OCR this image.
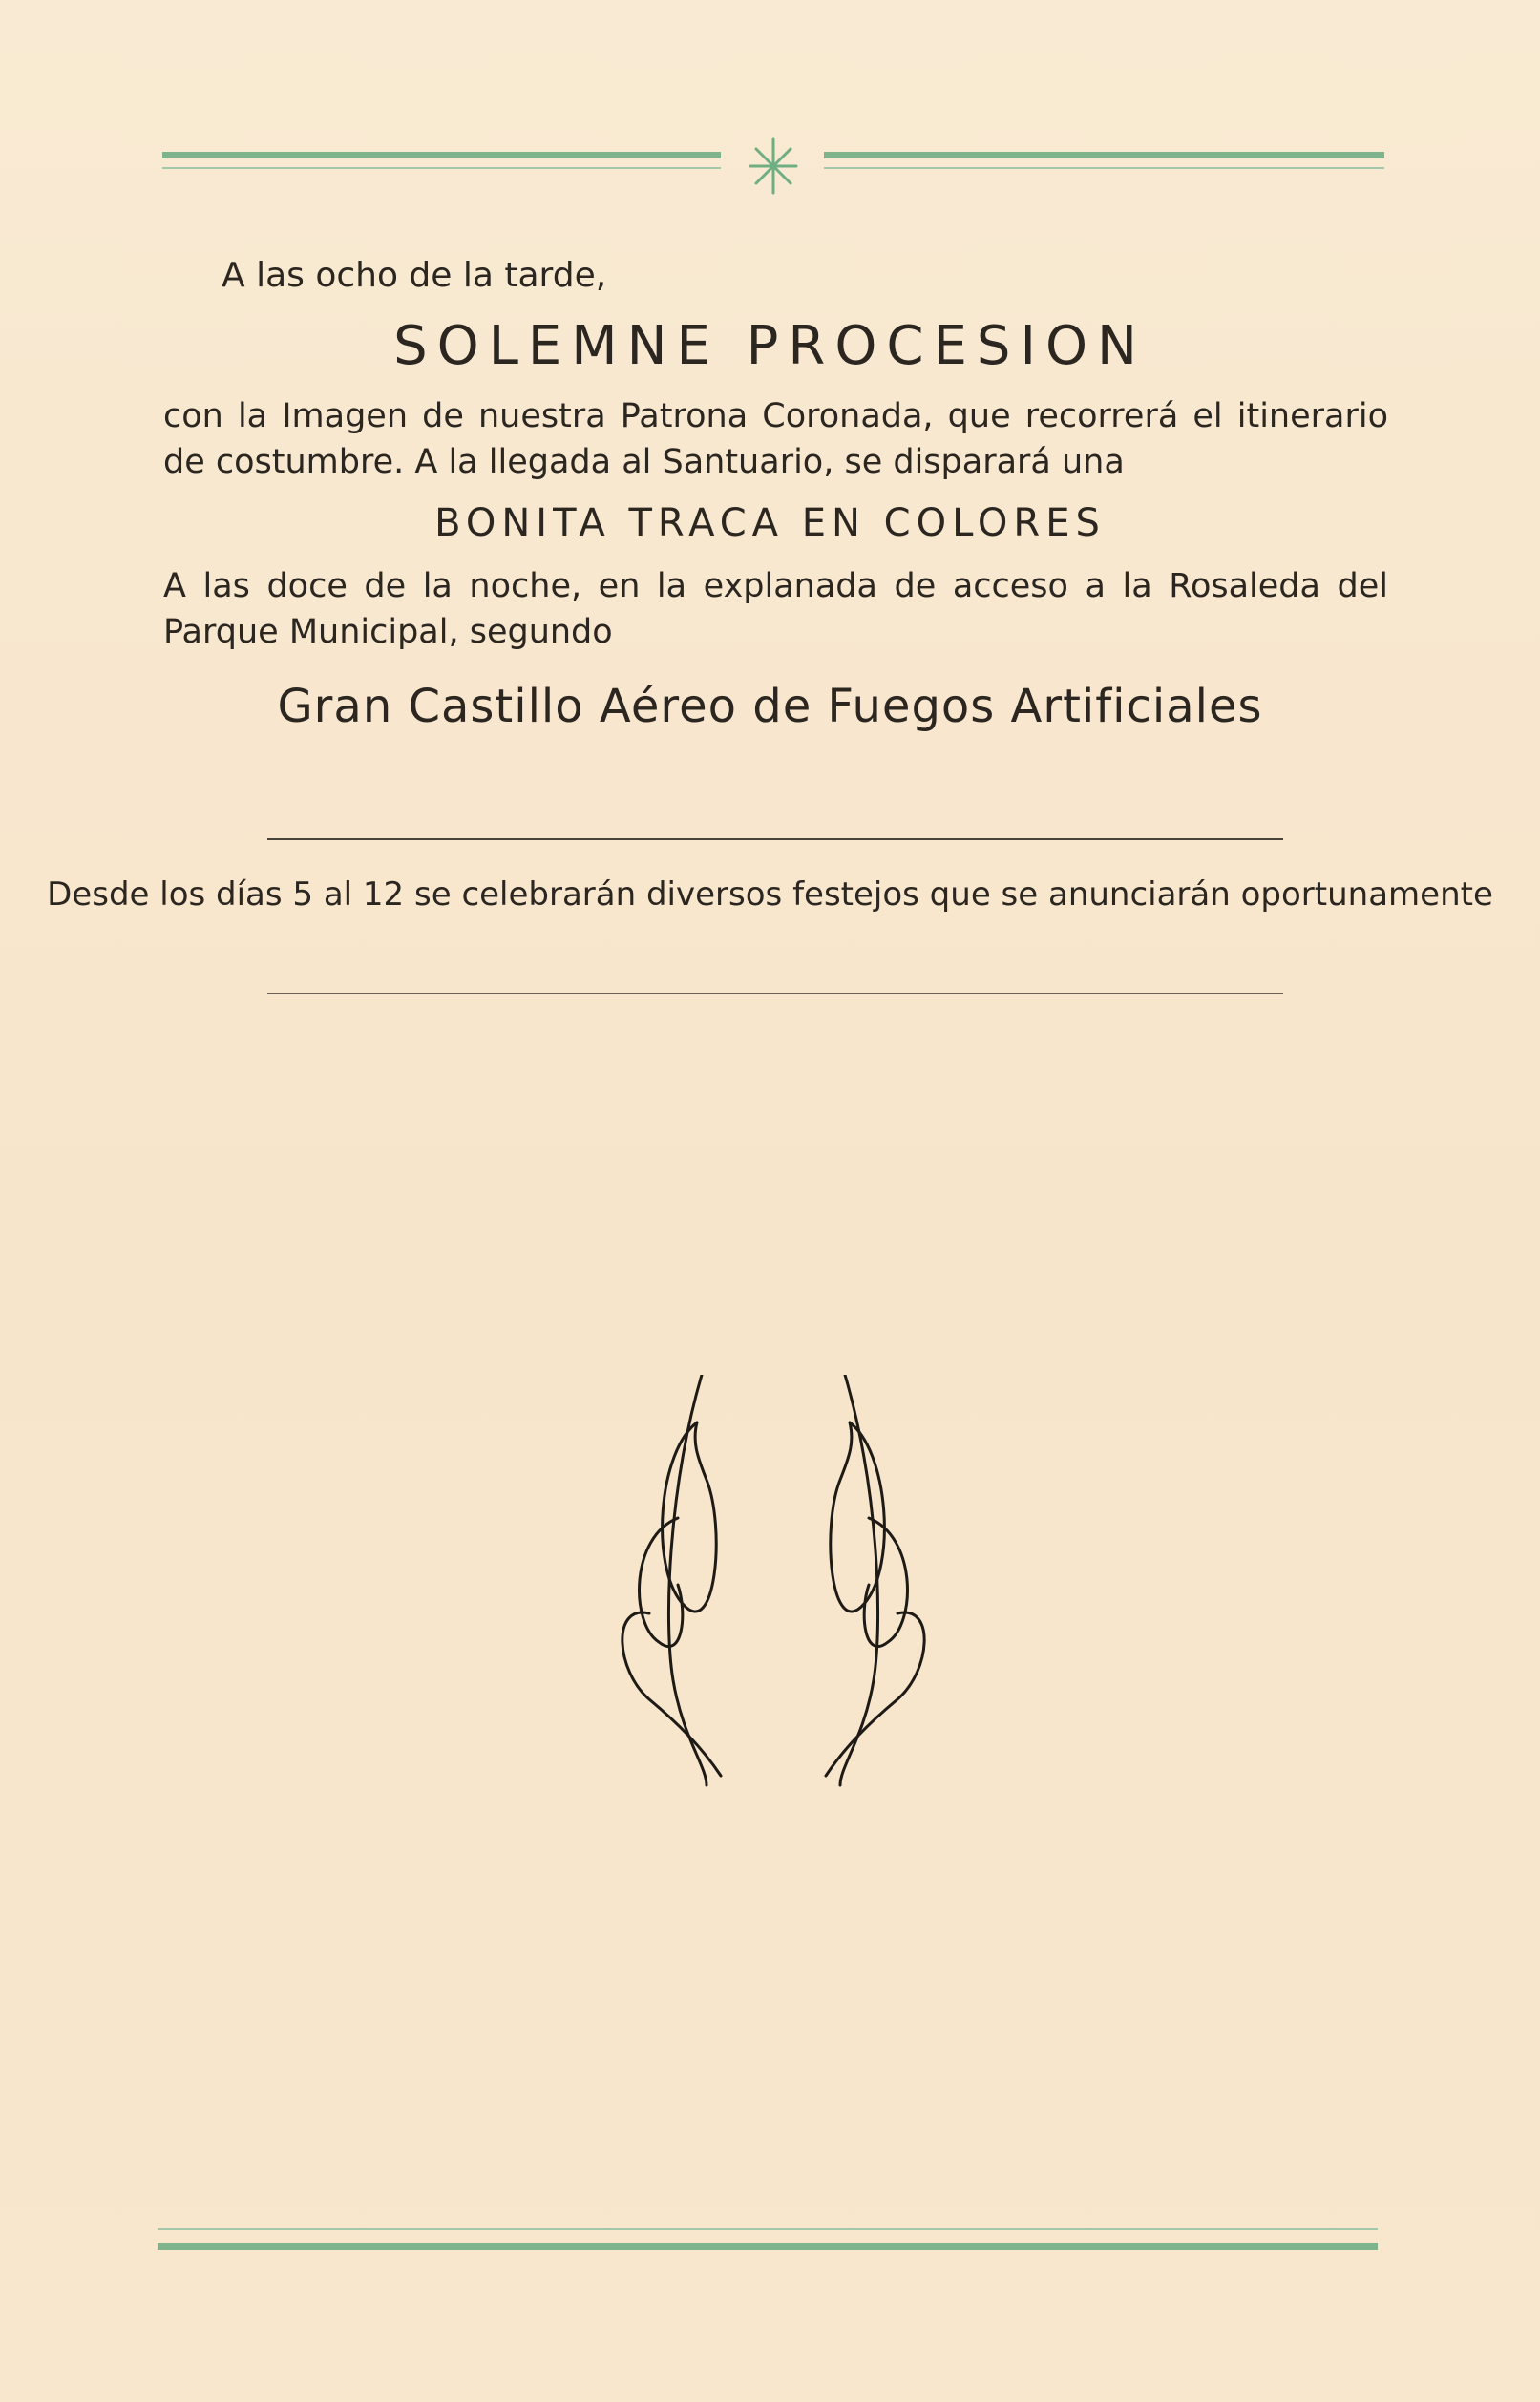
A las ocho de la tarde,
SOLEMNE PROCESION
con la Imagen de nuestra Patrona Coronada, que recorrerá el itinerario de costumbre. A la llegada al Santuario, se disparará una
BONITA TRACA EN COLORES
A las doce de la noche, en la explanada de acceso a la Rosaleda del Parque Municipal, segundo
Gran Castillo Aéreo de Fuegos Artificiales
Desde los días 5 al 12 se celebrarán diversos festejos que se anunciarán oportunamente
